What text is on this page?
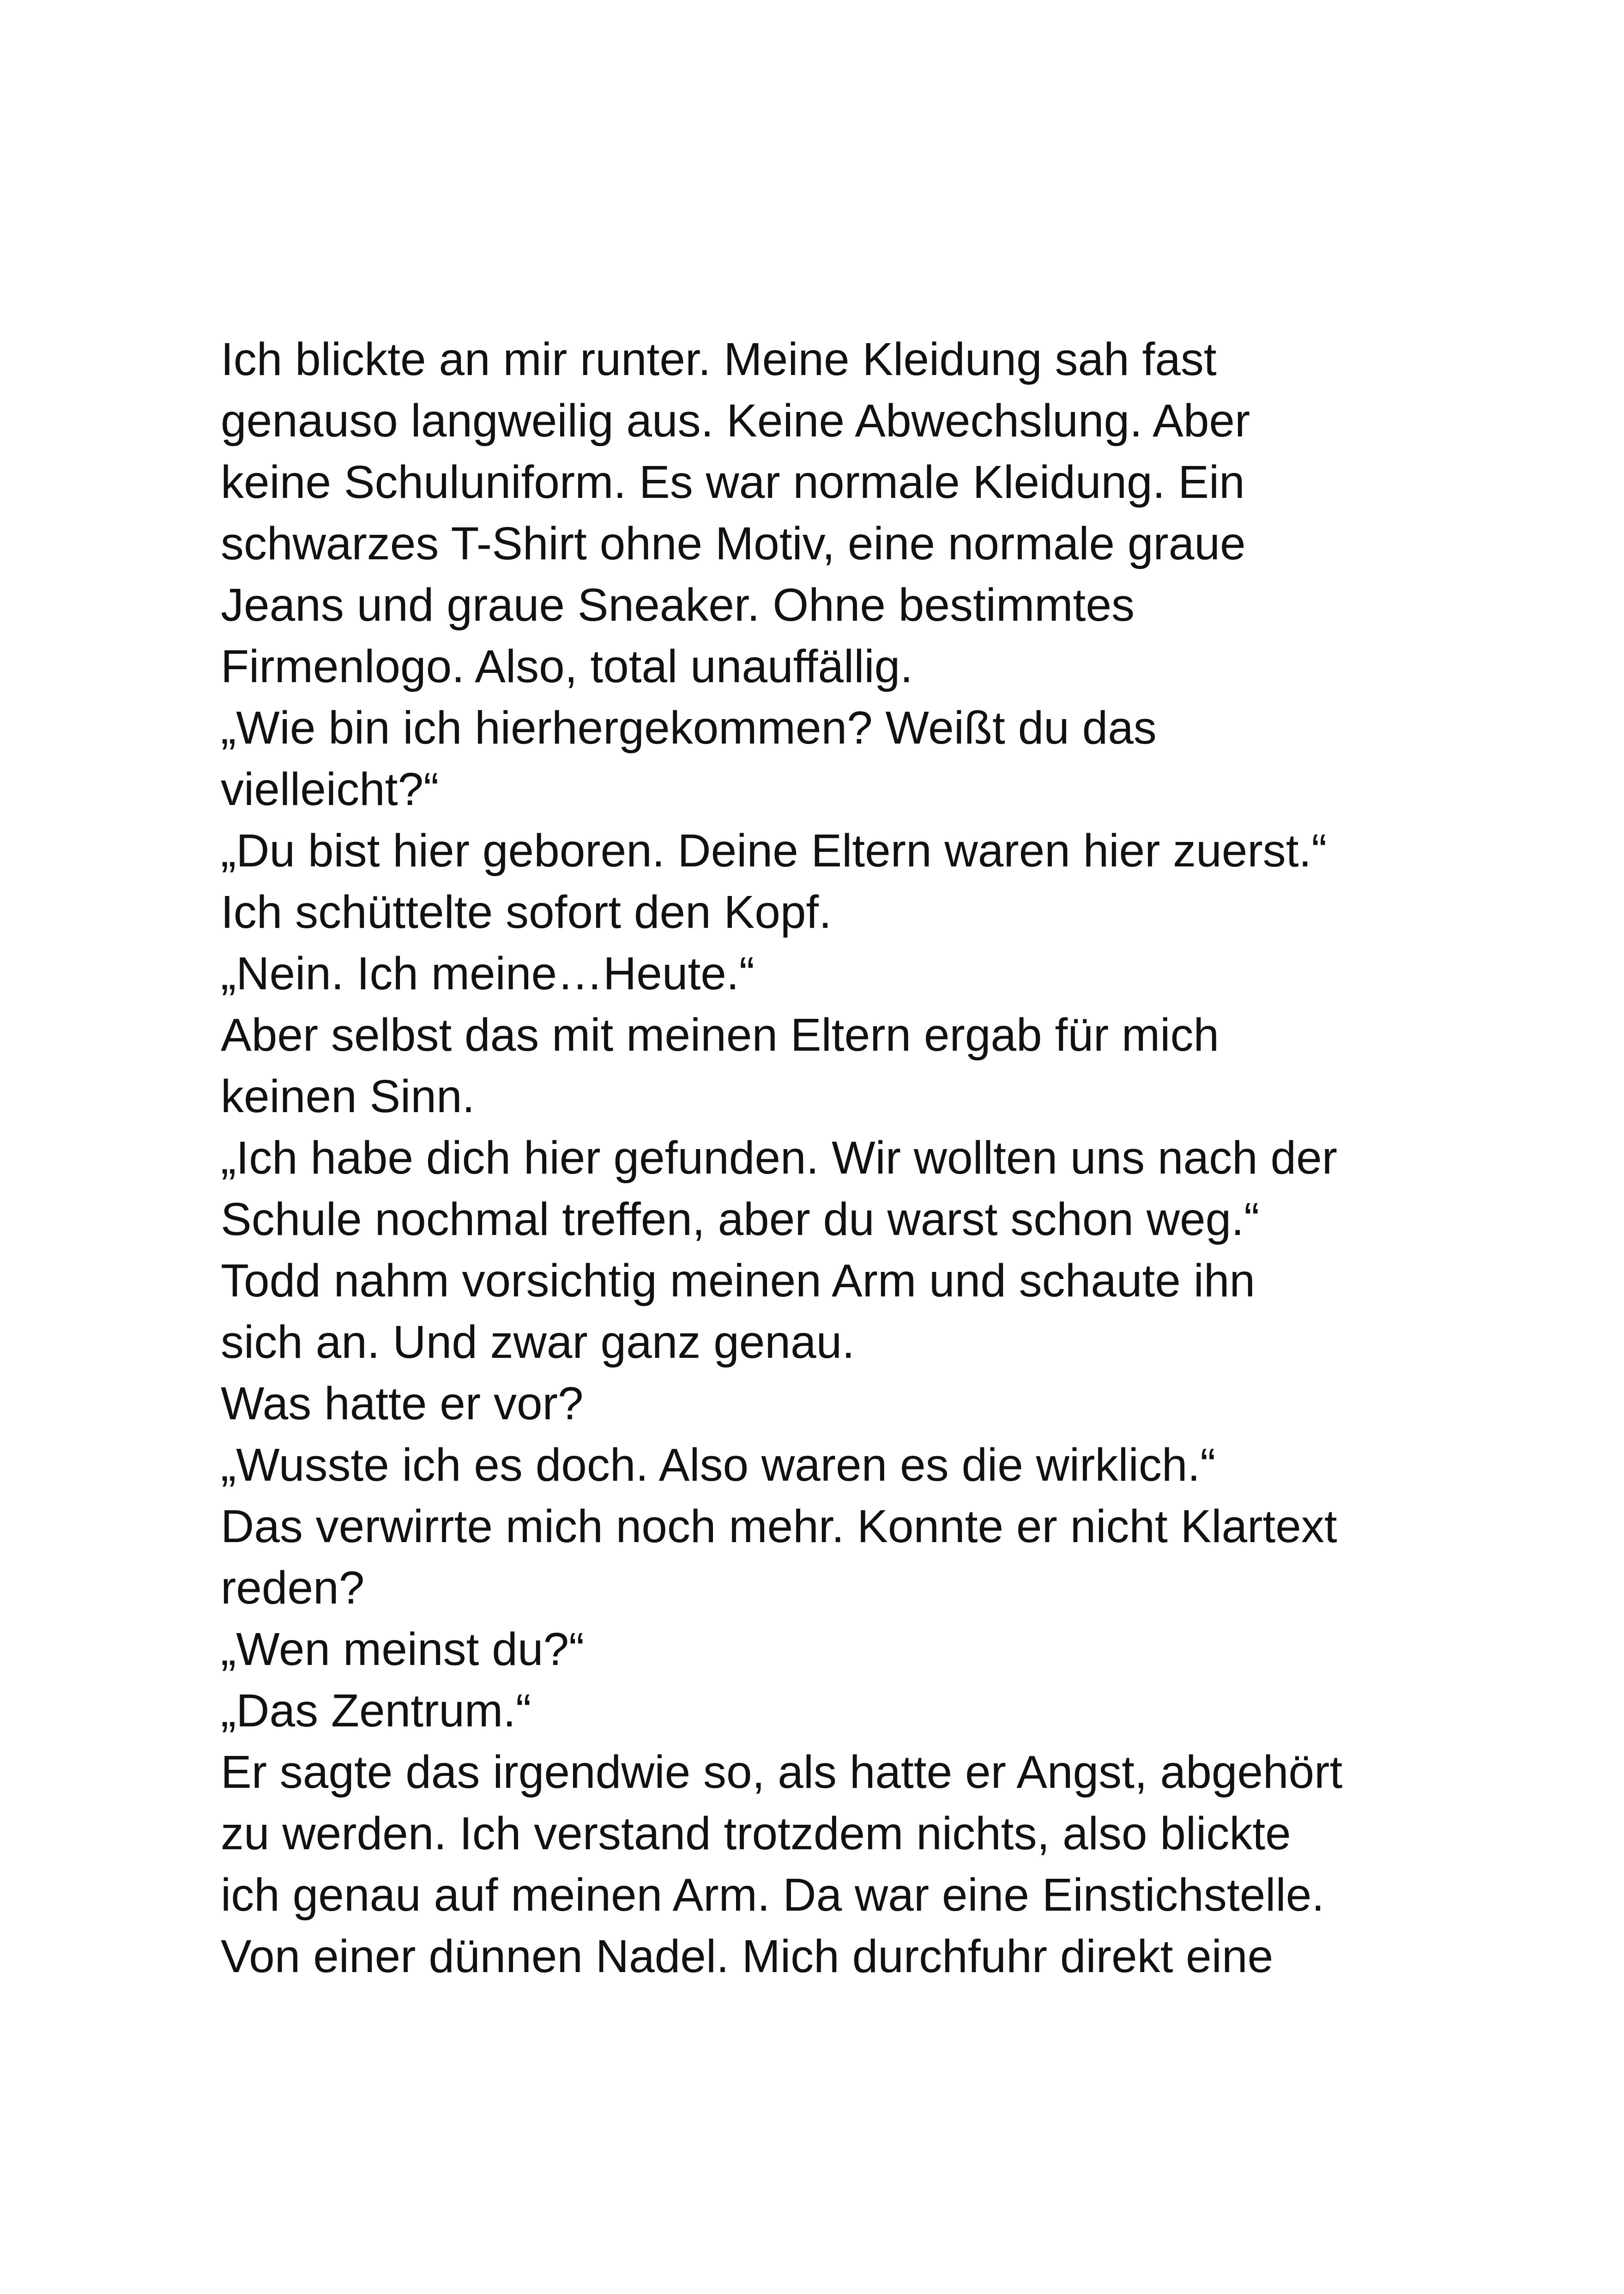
Ich blickte an mir runter. Meine Kleidung sah fast
genauso langweilig aus. Keine Abwechslung. Aber
keine Schuluniform. Es war normale Kleidung. Ein
schwarzes T-Shirt ohne Motiv, eine normale graue
Jeans und graue Sneaker. Ohne bestimmtes
Firmenlogo. Also, total unauffällig.
„Wie bin ich hierhergekommen? Weißt du das
vielleicht?“
„Du bist hier geboren. Deine Eltern waren hier zuerst.“
Ich schüttelte sofort den Kopf.
„Nein. Ich meine…Heute.“
Aber selbst das mit meinen Eltern ergab für mich
keinen Sinn.
„Ich habe dich hier gefunden. Wir wollten uns nach der
Schule nochmal treffen, aber du warst schon weg.“
Todd nahm vorsichtig meinen Arm und schaute ihn
sich an. Und zwar ganz genau.
Was hatte er vor?
„Wusste ich es doch. Also waren es die wirklich.“
Das verwirrte mich noch mehr. Konnte er nicht Klartext
reden?
„Wen meinst du?“
„Das Zentrum.“
Er sagte das irgendwie so, als hatte er Angst, abgehört
zu werden. Ich verstand trotzdem nichts, also blickte
ich genau auf meinen Arm. Da war eine Einstichstelle.
Von einer dünnen Nadel. Mich durchfuhr direkt eine
